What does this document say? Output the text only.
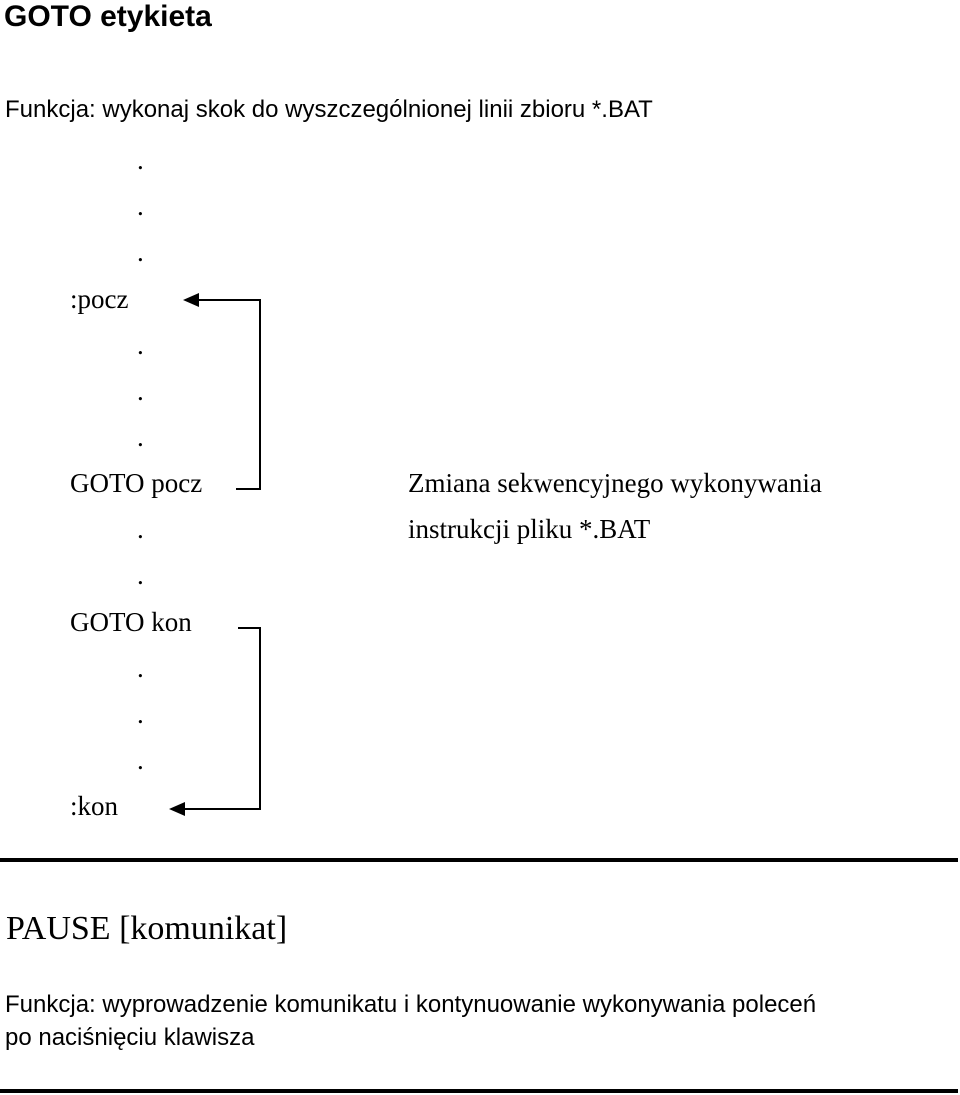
GOTO etykieta
Funkcja: wykonaj skok do wyszczególnionej linii zbioru *.BAT
.
.
.
:pocz
.
.
.
GOTO pocz
.
.
GOTO kon
.
.
.
:kon
Zmiana sekwencyjnego wykonywania
instrukcji pliku *.BAT
PAUSE [komunikat]
Funkcja: wyprowadzenie komunikatu i kontynuowanie wykonywania poleceń
po naciśnięciu klawisza
